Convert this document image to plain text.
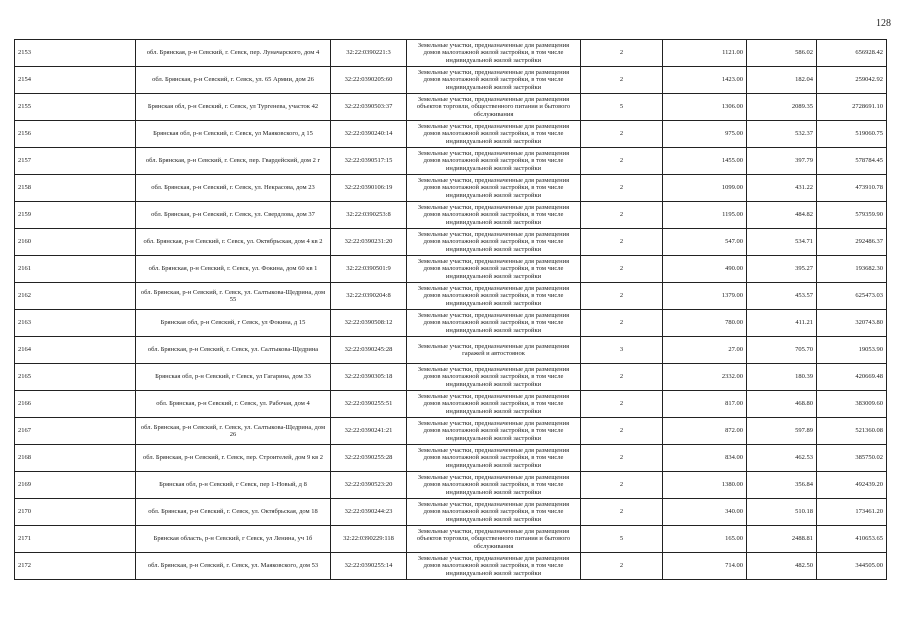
128
2153	обл. Брянская, р-н Севский, г. Севск, пер. Луначарского, дом 4	32:22:0390221:3	Земельные участки, предназначенные для размещения домов малоэтажной жилой застройки, в том числе индивидуальной жилой застройки	2	1121.00	586.02	656928.42
2154	обл. Брянская, р-н Севский, г. Севск, ул. 65 Армии, дом 26	32:22:0390205:60	Земельные участки, предназначенные для размещения домов малоэтажной жилой застройки, в том числе индивидуальной жилой застройки	2	1423.00	182.04	259042.92
2155	Брянская обл, р-н Севский, г. Севск, ул Тургенева, участок 42	32:22:0390503:37	Земельные участки, предназначенные для размещения объектов торговли, общественного питания и бытового обслуживания	5	1306.00	2089.35	2728691.10
2156	Брянская обл, р-н Севский, г. Севск, ул Маяковского, д 15	32:22:0390240:14	Земельные участки, предназначенные для размещения домов малоэтажной жилой застройки, в том числе индивидуальной жилой застройки	2	975.00	532.37	519060.75
2157	обл. Брянская, р-н Севский, г. Севск, пер. Гвардейский, дом 2 г	32:22:0390517:15	Земельные участки, предназначенные для размещения домов малоэтажной жилой застройки, в том числе индивидуальной жилой застройки	2	1455.00	397.79	578784.45
2158	обл. Брянская, р-н Севский, г. Севск, ул. Некрасова, дом 23	32:22:0390106:19	Земельные участки, предназначенные для размещения домов малоэтажной жилой застройки, в том числе индивидуальной жилой застройки	2	1099.00	431.22	473910.78
2159	обл. Брянская, р-н Севский, г. Севск, ул. Свердлова, дом 37	32:22:0390253:8	Земельные участки, предназначенные для размещения домов малоэтажной жилой застройки, в том числе индивидуальной жилой застройки	2	1195.00	484.82	579359.90
2160	обл. Брянская, р-н Севский, г. Севск, ул. Октябрьская, дом 4 кв 2	32:22:0390231:20	Земельные участки, предназначенные для размещения домов малоэтажной жилой застройки, в том числе индивидуальной жилой застройки	2	547.00	534.71	292486.37
2161	обл. Брянская, р-н Севский, г. Севск, ул. Фокина, дом 60 кв 1	32:22:0390501:9	Земельные участки, предназначенные для размещения домов малоэтажной жилой застройки, в том числе индивидуальной жилой застройки	2	490.00	395.27	193682.30
2162	обл. Брянская, р-н Севский, г. Севск, ул. Салтыкова-Щедрина, дом 55	32:22:0390204:8	Земельные участки, предназначенные для размещения домов малоэтажной жилой застройки, в том числе индивидуальной жилой застройки	2	1379.00	453.57	625473.03
2163	Брянская обл, р-н Севский, г Севск, ул Фокина, д 15	32:22:0390508:12	Земельные участки, предназначенные для размещения домов малоэтажной жилой застройки, в том числе индивидуальной жилой застройки	2	780.00	411.21	320743.80
2164	обл. Брянская, р-н Севский, г. Севск, ул. Салтыкова-Щедрина	32:22:0390245:28	Земельные участки, предназначенные для размещения гаражей и автостоянок	3	27.00	705.70	19053.90
2165	Брянская обл, р-н Севский, г Севск, ул Гагарина, дом 33	32:22:0390305:18	Земельные участки, предназначенные для размещения домов малоэтажной жилой застройки, в том числе индивидуальной жилой застройки	2	2332.00	180.39	420669.48
2166	обл. Брянская, р-н Севский, г. Севск, ул. Рабочая, дом 4	32:22:0390255:51	Земельные участки, предназначенные для размещения домов малоэтажной жилой застройки, в том числе индивидуальной жилой застройки	2	817.00	468.80	383009.60
2167	обл. Брянская, р-н Севский, г. Севск, ул. Салтыкова-Щедрина, дом 26	32:22:0390241:21	Земельные участки, предназначенные для размещения домов малоэтажной жилой застройки, в том числе индивидуальной жилой застройки	2	872.00	597.89	521360.08
2168	обл. Брянская, р-н Севский, г. Севск, пер. Строителей, дом 9 кв 2	32:22:0390255:28	Земельные участки, предназначенные для размещения домов малоэтажной жилой застройки, в том числе индивидуальной жилой застройки	2	834.00	462.53	385750.02
2169	Брянская обл, р-н Севский, г Севск, пер 1-Новый, д 8	32:22:0390523:20	Земельные участки, предназначенные для размещения домов малоэтажной жилой застройки, в том числе индивидуальной жилой застройки	2	1380.00	356.84	492439.20
2170	обл. Брянская, р-н Севский, г. Севск, ул. Октябрьская, дом 18	32:22:0390244:23	Земельные участки, предназначенные для размещения домов малоэтажной жилой застройки, в том числе индивидуальной жилой застройки	2	340.00	510.18	173461.20
2171	Брянская область, р-н Севский, г Севск, ул Ленина, уч 1б	32:22:0390229:118	Земельные участки, предназначенные для размещения объектов торговли, общественного питания и бытового обслуживания	5	165.00	2488.81	410653.65
2172	обл. Брянская, р-н Севский, г. Севск, ул. Маяковского, дом 53	32:22:0390255:14	Земельные участки, предназначенные для размещения домов малоэтажной жилой застройки, в том числе индивидуальной жилой застройки	2	714.00	482.50	344505.00
